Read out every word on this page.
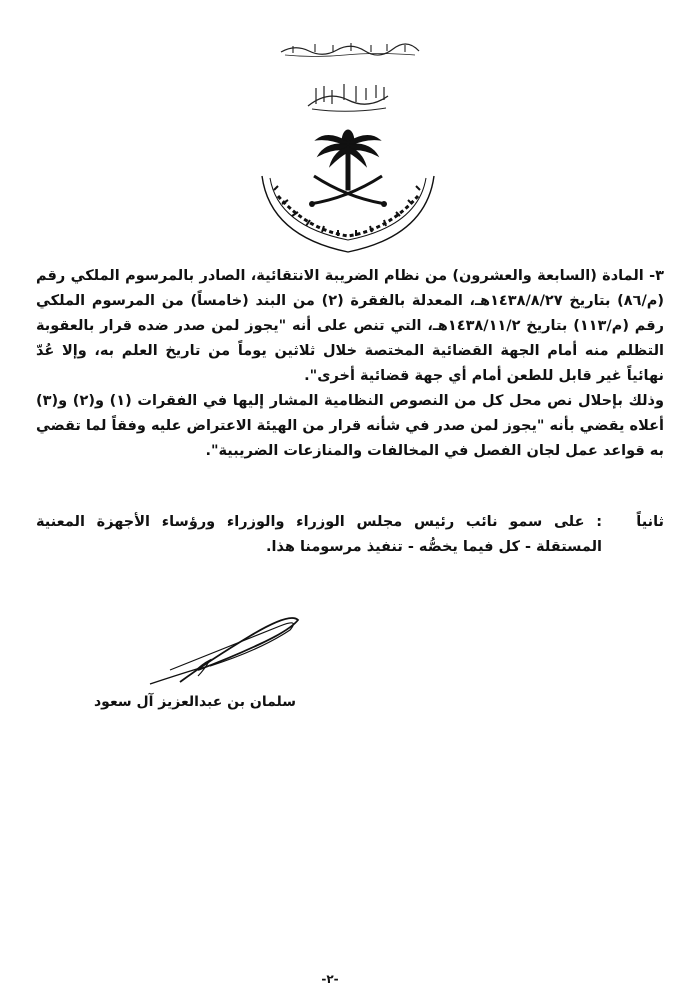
٣- المادة (السابعة والعشرون) من نظام الضريبة الانتقائية، الصادر بالمرسوم الملكي رقم (م/٨٦) بتاريخ ١٤٣٨/٨/٢٧هـ، المعدلة بالفقرة (٢) من البند (خامساً) من المرسوم الملكي رقم (م/١١٣) بتاريخ ١٤٣٨/١١/٢هـ، التي تنص على أنه "يجوز لمن صدر ضده قرار بالعقوبة التظلم منه أمام الجهة القضائية المختصة خلال ثلاثين يوماً من تاريخ العلم به، وإلا عُدّ نهائياً غير قابل للطعن أمام أي جهة قضائية أخرى".

وذلك بإحلال نص محل كل من النصوص النظامية المشار إليها في الفقرات (١) و(٢) و(٣) أعلاه يقضي بأنه "يجوز لمن صدر في شأنه قرار من الهيئة الاعتراض عليه وفقاً لما تقضي به قواعد عمل لجان الفصل في المخالفات والمنازعات الضريبية".

ثانياً
: على سمو نائب رئيس مجلس الوزراء والوزراء ورؤساء الأجهزة المعنية المستقلة - كل فيما يخصُّه - تنفيذ مرسومنا هذا.
سلمان بن عبدالعزيز آل سعود
-٢-
